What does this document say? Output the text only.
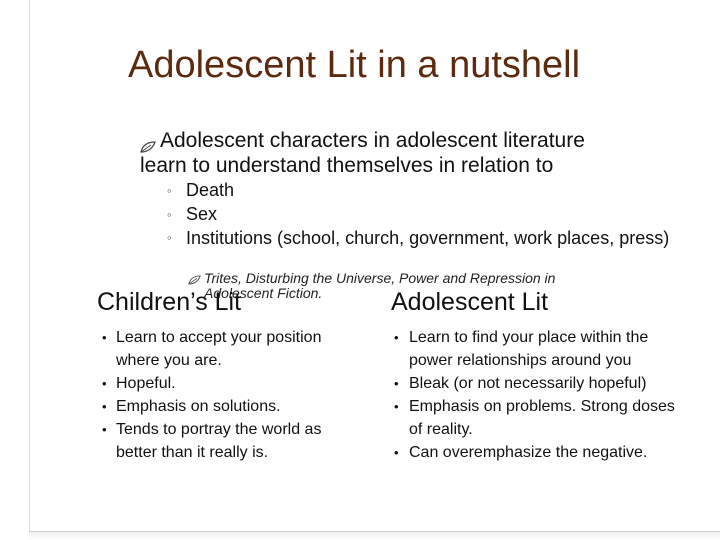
Adolescent Lit in a nutshell
Adolescent characters in adolescent literature
learn to understand themselves in relation to
◦ Death
◦ Sex
◦ Institutions (school, church, government, work places, press)
Trites, Disturbing the Universe, Power and Repression in
Adolescent Fiction.
Children’s Lit	Adolescent Lit
• Learn to accept your position where you are.
• Hopeful.
• Emphasis on solutions.
• Tends to portray the world as better than it really is.
• Learn to find your place within the power relationships around you
• Bleak (or not necessarily hopeful)
• Emphasis on problems. Strong doses of reality.
• Can overemphasize the negative.
